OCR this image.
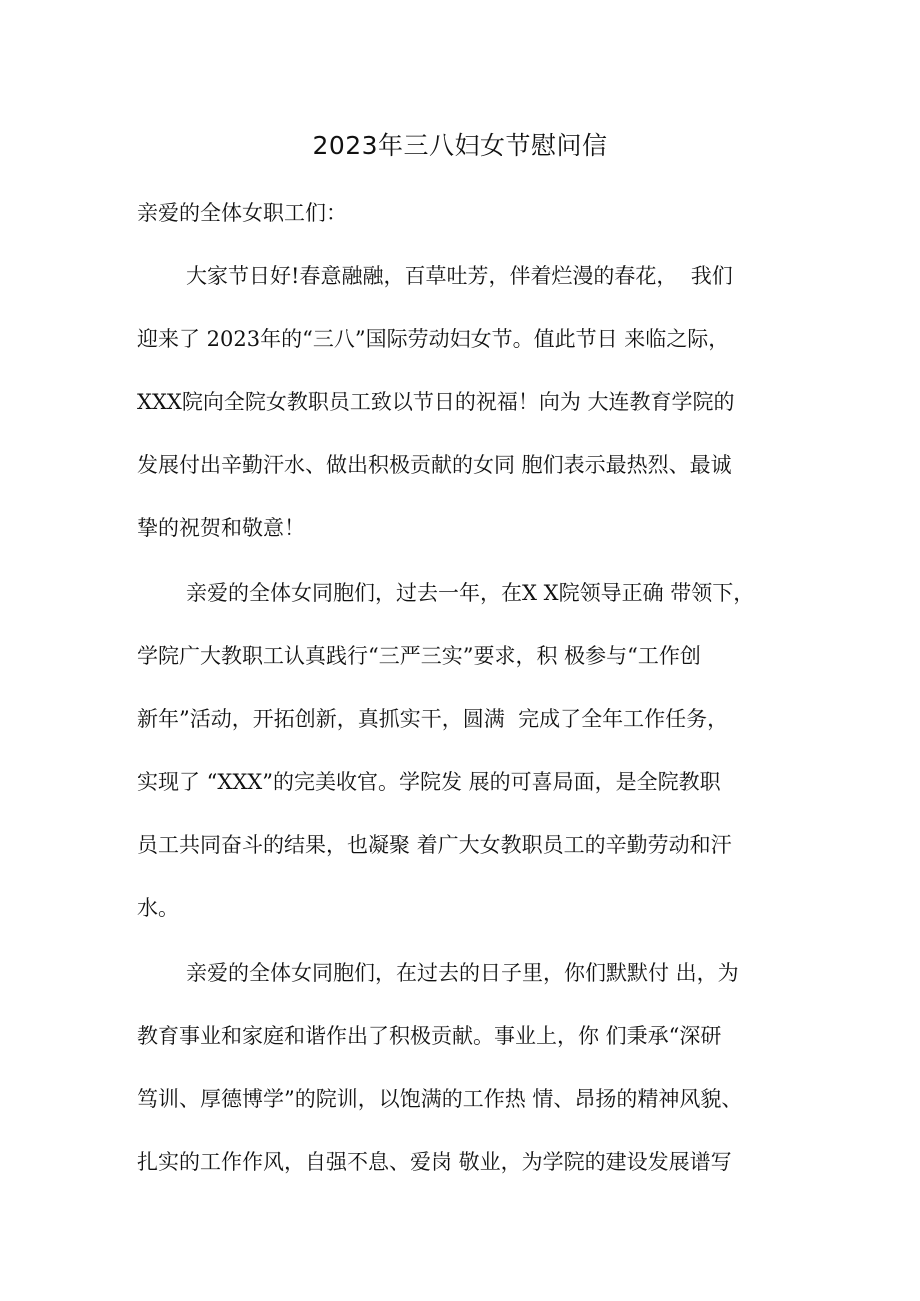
2023年三八妇女节慰问信
亲爱的全体女职工们：
大家节日好!春意融融，百草吐芳，伴着烂漫的春花，  我们
迎来了 2023年的“三八”国际劳动妇女节。值此节日 来临之际，
XXX院向全院女教职员工致以节日的祝福！向为 大连教育学院的
发展付出辛勤汗水、做出积极贡献的女同 胞们表示最热烈、最诚
挚的祝贺和敬意！
亲爱的全体女同胞们，过去一年，在X X院领导正确 带领下，
学院广大教职工认真践行“三严三实”要求，积 极参与“工作创
新年”活动，开拓创新，真抓实干，圆满  完成了全年工作任务，
实现了 “XXX”的完美收官。学院发 展的可喜局面，是全院教职
员工共同奋斗的结果，也凝聚 着广大女教职员工的辛勤劳动和汗
水。
亲爱的全体女同胞们，在过去的日子里，你们默默付 出，为
教育事业和家庭和谐作出了积极贡献。事业上，你 们秉承“深研
笃训、厚德博学”的院训，以饱满的工作热 情、昂扬的精神风貌、
扎实的工作作风，自强不息、爱岗 敬业，为学院的建设发展谱写
